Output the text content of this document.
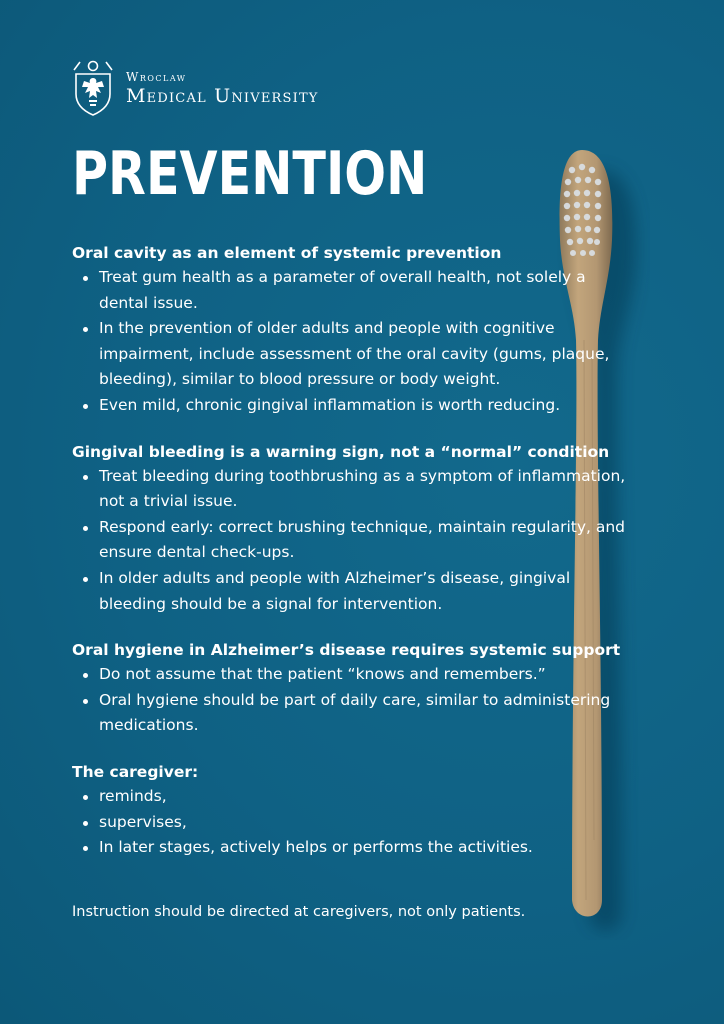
Wroclaw
Medical University
PREVENTION
Oral cavity as an element of systemic prevention
Treat gum health as a parameter of overall health, not solely a dental issue.
In the prevention of older adults and people with cognitive impairment, include assessment of the oral cavity (gums, plaque, bleeding), similar to blood pressure or body weight.
Even mild, chronic gingival inflammation is worth reducing.
Gingival bleeding is a warning sign, not a “normal” condition
Treat bleeding during toothbrushing as a symptom of inflammation, not a trivial issue.
Respond early: correct brushing technique, maintain regularity, and ensure dental check-ups.
In older adults and people with Alzheimer’s disease, gingival bleeding should be a signal for intervention.
Oral hygiene in Alzheimer’s disease requires systemic support
Do not assume that the patient “knows and remembers.”
Oral hygiene should be part of daily care, similar to administering medications.
The caregiver:
reminds,
supervises,
In later stages, actively helps or performs the activities.
Instruction should be directed at caregivers, not only patients.
